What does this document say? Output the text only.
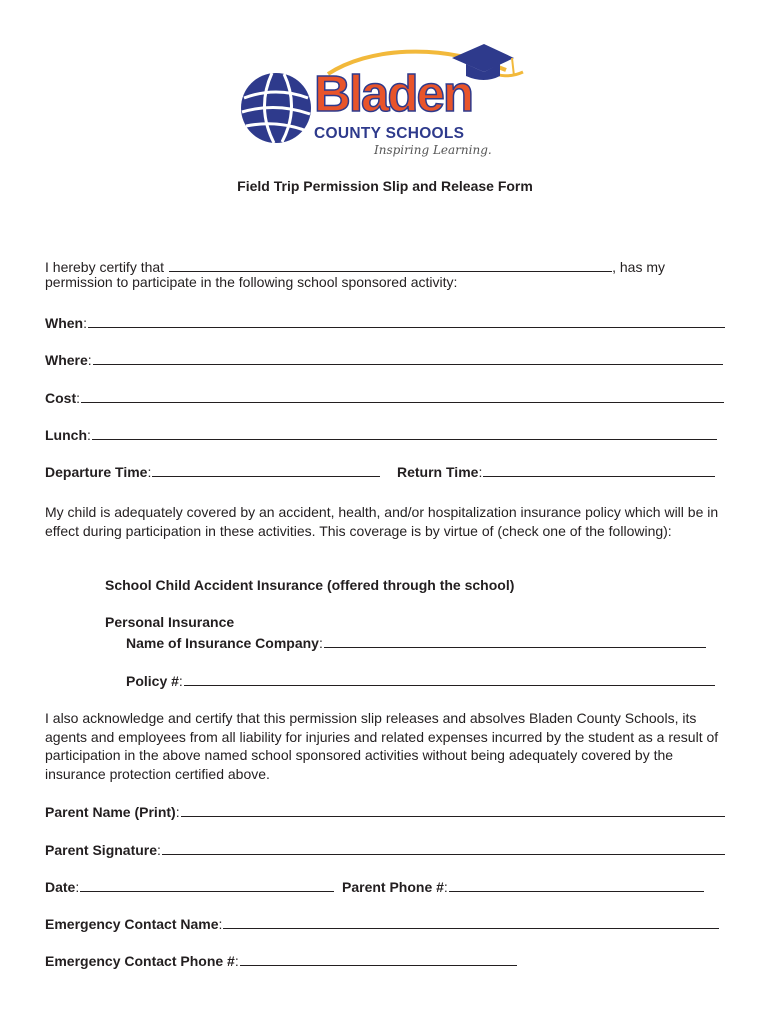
Bladen
COUNTY SCHOOLS
Inspiring Learning.
Field Trip Permission Slip and Release Form
I hereby certify that	, has my
permission to participate in the following school sponsored activity:
When :
Where :
Cost :
Lunch :
Departure Time :	Return Time :
My child is adequately covered by an accident, health, and/or hospitalization insurance policy which will be in effect during participation in these activities. This coverage is by virtue of (check one of the following):
School Child Accident Insurance (offered through the school)
Personal Insurance
Name of Insurance Company :
Policy # :
I also acknowledge and certify that this permission slip releases and absolves Bladen County Schools, its agents and employees from all liability for injuries and related expenses incurred by the student as a result of participation in the above named school sponsored activities without being adequately covered by the insurance protection certified above.
Parent Name (Print) :
Parent Signature :
Date :	Parent Phone # :
Emergency Contact Name :
Emergency Contact Phone # :
